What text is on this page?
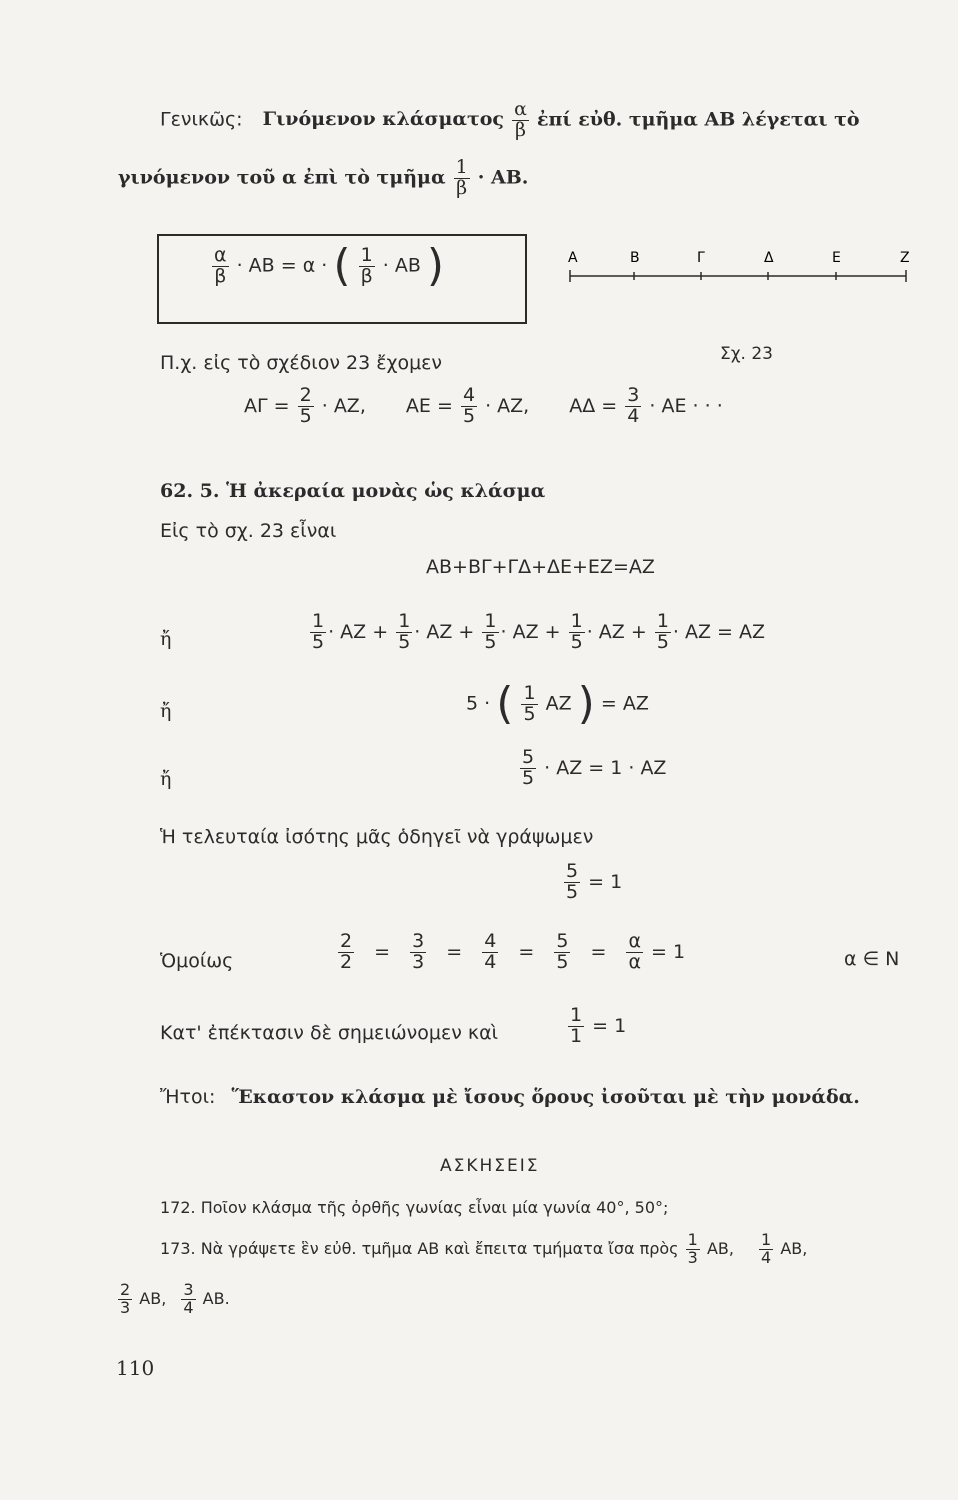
Γενικῶς: Γινόμενον κλάσματος $\frac{\alpha}{\beta}$ ἐπί εὐθ. τμῆμα ΑΒ λέγεται τὸ
γινόμενον τοῦ α ἐπὶ τὸ τμῆμα $\frac{1}{\beta} \cdot AB$.
$\frac{\alpha}{\beta} \cdot AB = \alpha$ · ( $\frac{1}{\beta} \cdot AB$ )	Α	Β	Γ	Δ	Ε	Ζ
Σχ. 23
Π.χ. εἰς τὸ σχέδιον 23 ἔχομεν
$A\Gamma = \frac{2}{5} \cdot AZ$, $AE = \frac{4}{5} \cdot AZ$, $A\Delta = \frac{3}{4} \cdot AE$ · · ·
62. 5. Ἡ ἀκεραία μονὰς ὡς κλάσμα
Εἰς τὸ σχ. 23 εἶναι
ΑΒ+ΒΓ+ΓΔ+ΔΕ+ΕΖ=ΑΖ
ἤ	$\frac{1}{5} \cdot AZ + \frac{1}{5} \cdot AZ + \frac{1}{5} \cdot AZ + \frac{1}{5} \cdot AZ + \frac{1}{5} \cdot AZ = AZ$
ἤ	5 · ( $\frac{1}{5}$ ΑΖ ) = ΑΖ
ἤ	$\frac{5}{5} \cdot AZ = 1 \cdot AZ$
Ἡ τελευταία ἰσότης μᾶς ὁδηγεῖ νὰ γράψωμεν
$\frac{5}{5} = 1$
Ὁμοίως	$\frac{2}{2} = \frac{3}{3} = \frac{4}{4} = \frac{5}{5} = \frac{\alpha}{\alpha} = 1$	α ∈ Ν
Κατ' ἐπέκτασιν δὲ σημειώνομεν καὶ	$\frac{1}{1} = 1$
Ἤτοι: Ἕκαστον κλάσμα μὲ ἴσους ὅρους ἰσοῦται μὲ τὴν μονάδα.
ΑΣΚΗΣΕΙΣ
172. Ποῖον κλάσμα τῆς ὀρθῆς γωνίας εἶναι μία γωνία 40°, 50°;
173. Νὰ γράψετε ἓν εὐθ. τμῆμα ΑΒ καὶ ἔπειτα τμήματα ἴσα πρὸς $\frac{1}{3} AB$, $\frac{1}{4} AB$,
$\frac{2}{3} AB$, $\frac{3}{4} AB$.
110
